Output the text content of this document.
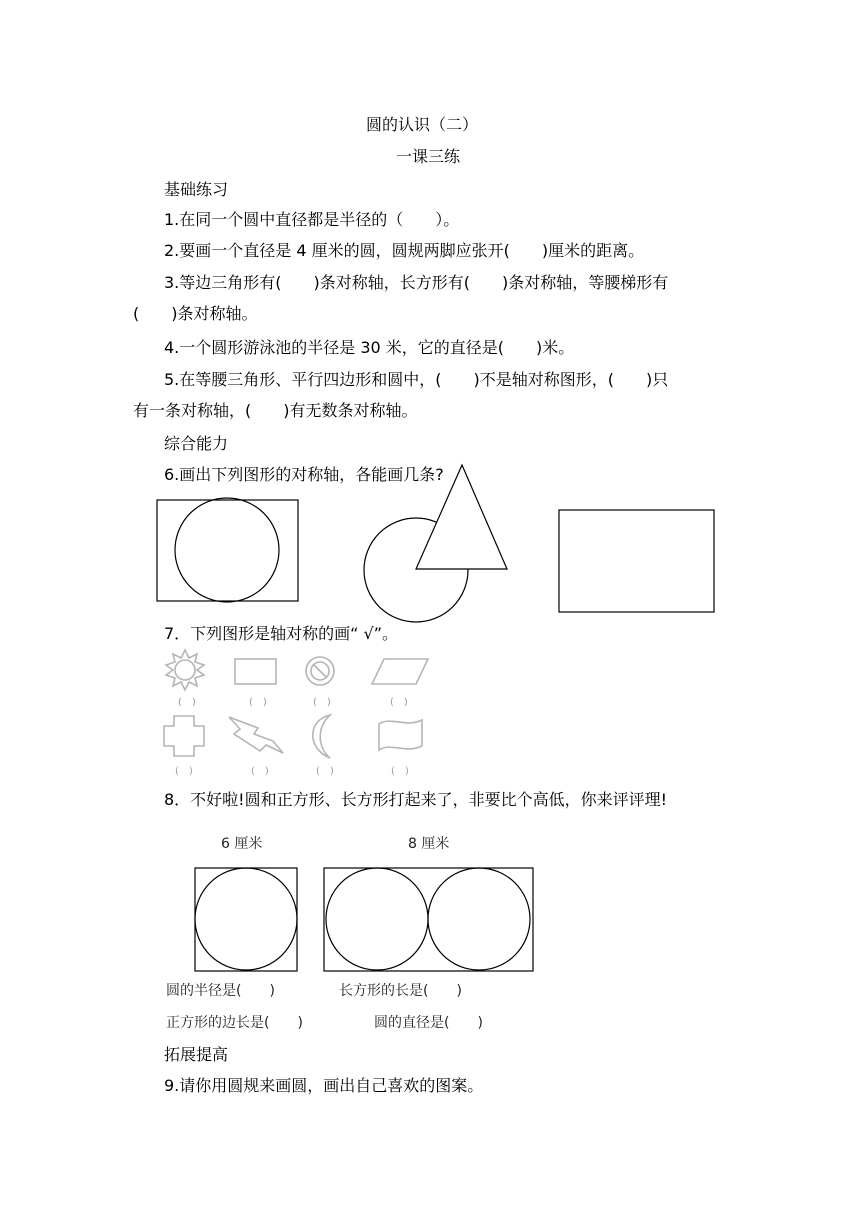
圆的认识（二）
一课三练
基础练习
1.在同一个圆中直径都是半径的（　　）。
2.要画一个直径是 4 厘米的圆，圆规两脚应张开(　　)厘米的距离。
3.等边三角形有(　　)条对称轴，长方形有(　　)条对称轴，等腰梯形有
(　　)条对称轴。
4.一个圆形游泳池的半径是 30 米，它的直径是(　　)米。
5.在等腰三角形、平行四边形和圆中，(　　)不是轴对称图形，(　　)只
有一条对称轴，(　　)有无数条对称轴。
综合能力
6.画出下列图形的对称轴，各能画几条?
7．下列图形是轴对称的画“ √”。
(　)	(　)	(　)	(　)
(　)	(　)	(　)	(　)
8．不好啦!圆和正方形、长方形打起来了，非要比个高低，你来评评理!
6 厘米	8 厘米
圆的半径是(　　)	长方形的长是(　　)
正方形的边长是(　　)	圆的直径是(　　)
拓展提高
9.请你用圆规来画圆，画出自己喜欢的图案。
